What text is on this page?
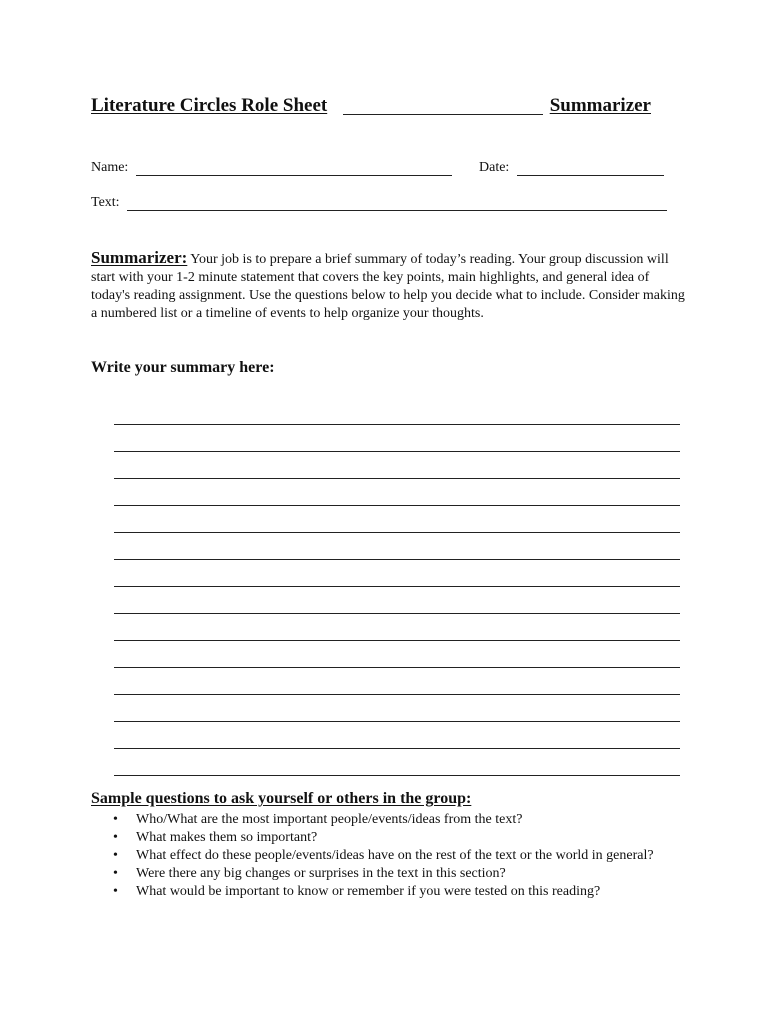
Literature Circles Role Sheet	Summarizer
Name:	Date:
Text:
Summarizer: Your job is to prepare a brief summary of today’s reading. Your group discussion will start with your 1-2 minute statement that covers the key points, main highlights, and general idea of today's reading assignment. Use the questions below to help you decide what to include. Consider making a numbered list or a timeline of events to help organize your thoughts.
Write your summary here:
Sample questions to ask yourself or others in the group:
• Who/What are the most important people/events/ideas from the text?
• What makes them so important?
• What effect do these people/events/ideas have on the rest of the text or the world in general?
• Were there any big changes or surprises in the text in this section?
• What would be important to know or remember if you were tested on this reading?
